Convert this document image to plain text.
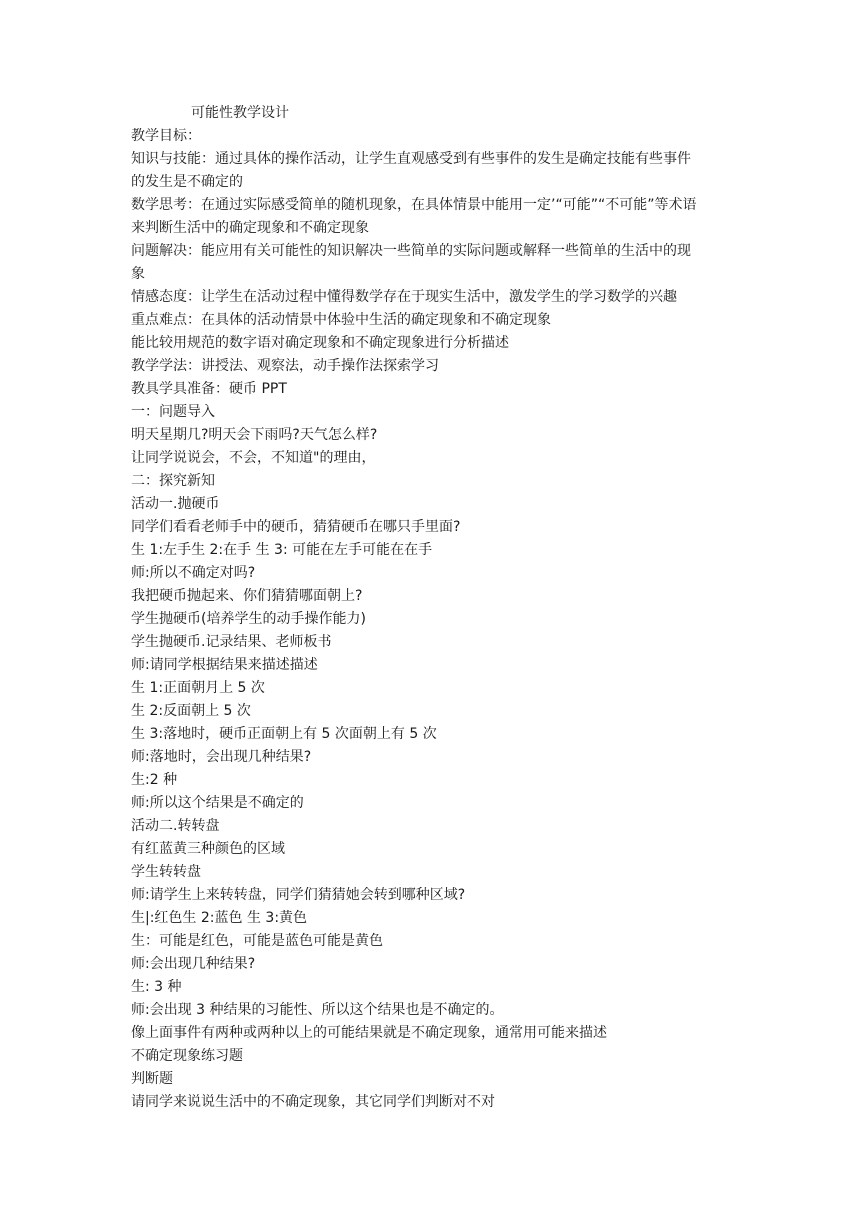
可能性教学设计

教学目标：

知识与技能：通过具体的操作活动，让学生直观感受到有些事件的发生是确定技能有些事件

的发生是不确定的

数学思考：在通过实际感受简单的随机现象，在具体情景中能用一定’“可能”“不可能”等术语

来判断生活中的确定现象和不确定现象

问题解决：能应用有关可能性的知识解决一些简单的实际问题或解释一些简单的生活中的现

象

情感态度：让学生在活动过程中懂得数学存在于现实生活中，激发学生的学习数学的兴趣

重点难点：在具体的活动情景中体验中生活的确定现象和不确定现象

能比较用规范的数字语对确定现象和不确定现象进行分析描述

教学学法：讲授法、观察法，动手操作法探索学习

教具学具准备：硬币 PPT

一：问题导入

明天星期几?明天会下雨吗?天气怎么样?

让同学说说会，不会，不知道"的理由，

二：探究新知

活动一.抛硬币

同学们看看老师手中的硬币，猜猜硬币在哪只手里面?

生 1:左手生 2:在手 生 3: 可能在左手可能在在手

师:所以不确定对吗?

我把硬币抛起来、你们猜猜哪面朝上?

学生抛硬币(培养学生的动手操作能力)

学生抛硬币.记录结果、老师板书

师:请同学根据结果来描述描述

生 1:正面朝月上 5 次

生 2:反面朝上 5 次

生 3:落地时，硬币正面朝上有 5 次面朝上有 5 次

师:落地时，会出现几种结果?

生:2 种

师:所以这个结果是不确定的

活动二.转转盘

有红蓝黄三种颜色的区域

学生转转盘

师:请学生上来转转盘，同学们猜猜她会转到哪种区域?

生|:红色生 2:蓝色 生 3:黄色

生：可能是红色，可能是蓝色可能是黄色

师:会出现几种结果?

生: 3 种

师:会出现 3 种结果的习能性、所以这个结果也是不确定的。

像上面事件有两种或两种以上的可能结果就是不确定现象，通常用可能来描述

不确定现象练习题

判断题

请同学来说说生活中的不确定现象，其它同学们判断对不对
